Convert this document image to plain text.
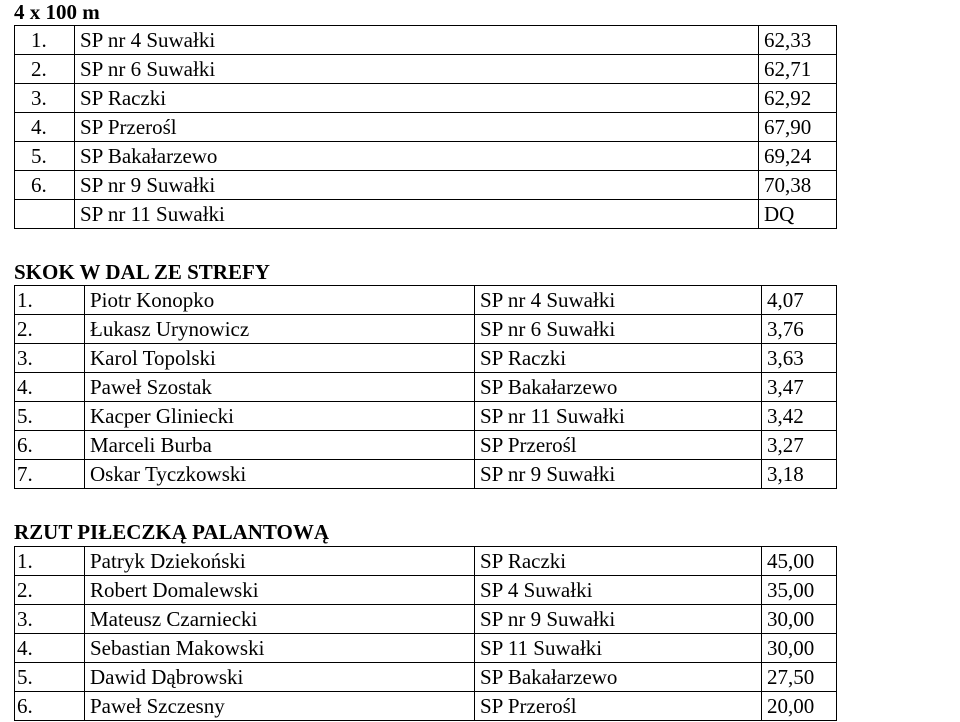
4 x 100 m
1.	SP nr 4 Suwałki	62,33
2.	SP nr 6 Suwałki	62,71
3.	SP Raczki	62,92
4.	SP Przerośl	67,90
5.	SP Bakałarzewo	69,24
6.	SP nr 9 Suwałki	70,38
	SP nr 11 Suwałki	DQ
SKOK W DAL ZE STREFY
1.	Piotr Konopko	SP nr 4 Suwałki	4,07
2.	Łukasz Urynowicz	SP nr 6 Suwałki	3,76
3.	Karol Topolski	SP Raczki	3,63
4.	Paweł Szostak	SP Bakałarzewo	3,47
5.	Kacper Gliniecki	SP nr 11 Suwałki	3,42
6.	Marceli Burba	SP Przerośl	3,27
7.	Oskar Tyczkowski	SP nr 9 Suwałki	3,18
RZUT PIŁECZKĄ PALANTOWĄ
1.	Patryk Dziekoński	SP Raczki	45,00
2.	Robert Domalewski	SP 4 Suwałki	35,00
3.	Mateusz Czarniecki	SP nr 9 Suwałki	30,00
4.	Sebastian Makowski	SP 11 Suwałki	30,00
5.	Dawid Dąbrowski	SP Bakałarzewo	27,50
6.	Paweł Szczesny	SP Przerośl	20,00
